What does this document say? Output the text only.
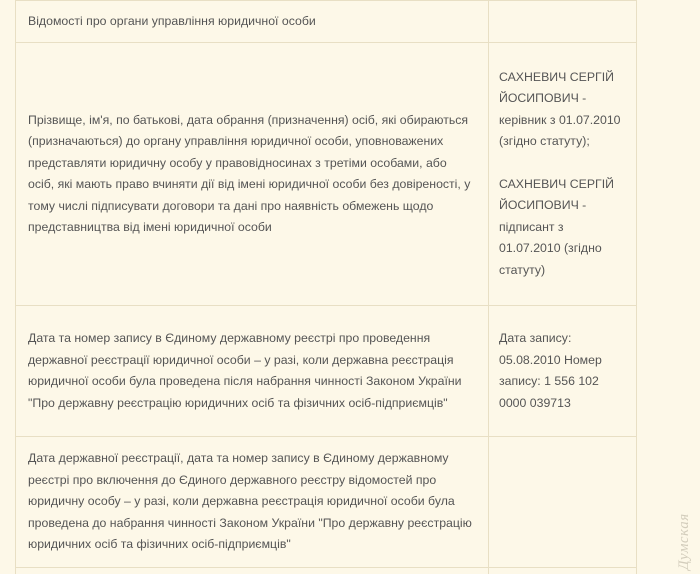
Відомості про органи управління юридичної особи
Прізвище, ім'я, по батькові, дата обрання (призначення) осіб, які обираються (призначаються) до органу управління юридичної особи, уповноважених представляти юридичну особу у правовідносинах з третіми особами, або осіб, які мають право вчиняти дії від імені юридичної особи без довіреності, у тому числі підписувати договори та дані про наявність обмежень щодо представництва від імені юридичної особи
САХНЕВИЧ СЕРГІЙ ЙОСИПОВИЧ - керівник з 01.07.2010 (згідно статуту);
САХНЕВИЧ СЕРГІЙ ЙОСИПОВИЧ - підписант з 01.07.2010 (згідно статуту)
Дата та номер запису в Єдиному державному реєстрі про проведення державної реєстрації юридичної особи – у разі, коли державна реєстрація юридичної особи була проведена після набрання чинності Законом України "Про державну реєстрацію юридичних осіб та фізичних осіб-підприємців"
Дата запису: 05.08.2010 Номер запису: 1 556 102 0000 039713
Дата державної реєстрації, дата та номер запису в Єдиному державному реєстрі про включення до Єдиного державного реєстру відомостей про юридичну особу – у разі, коли державна реєстрація юридичної особи була проведена до набрання чинності Законом України "Про державну реєстрацію юридичних осіб та фізичних осіб-підприємців"	Думская
